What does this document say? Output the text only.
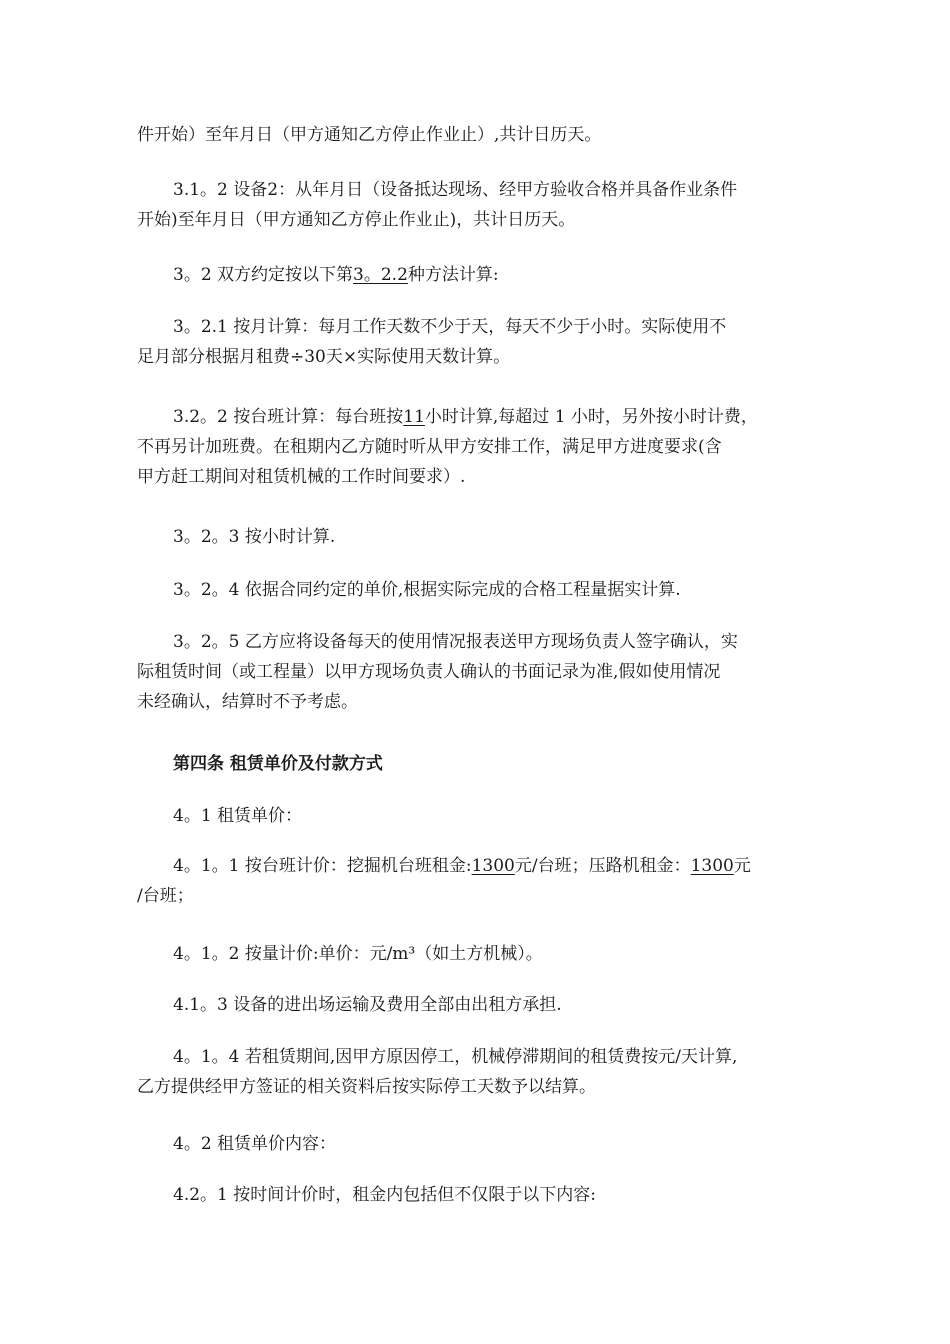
件开始）至年月日（甲方通知乙方停止作业止）,共计日历天。

3.1。2 设备2：从年月日（设备抵达现场、经甲方验收合格并具备作业条件
开始)至年月日（甲方通知乙方停止作业止)，共计日历天。

3。2 双方约定按以下第3。2.2种方法计算:

3。2.1 按月计算：每月工作天数不少于天，每天不少于小时。实际使用不
足月部分根据月租费÷30天×实际使用天数计算。

3.2。2 按台班计算：每台班按11小时计算,每超过 1 小时，另外按小时计费，
不再另计加班费。在租期内乙方随时听从甲方安排工作，满足甲方进度要求(含
甲方赶工期间对租赁机械的工作时间要求）.

3。2。3 按小时计算.

3。2。4 依据合同约定的单价,根据实际完成的合格工程量据实计算.

3。2。5 乙方应将设备每天的使用情况报表送甲方现场负责人签字确认，实
际租赁时间（或工程量）以甲方现场负责人确认的书面记录为准,假如使用情况
未经确认，结算时不予考虑。

第四条 租赁单价及付款方式

4。1 租赁单价：

4。1。1 按台班计价：挖掘机台班租金:1300元/台班；压路机租金：1300元
/台班；

4。1。2 按量计价:单价：元/m³（如土方机械）。

4.1。3 设备的进出场运输及费用全部由出租方承担.

4。1。4 若租赁期间,因甲方原因停工，机械停滞期间的租赁费按元/天计算,
乙方提供经甲方签证的相关资料后按实际停工天数予以结算。

4。2 租赁单价内容：

4.2。1 按时间计价时，租金内包括但不仅限于以下内容:
